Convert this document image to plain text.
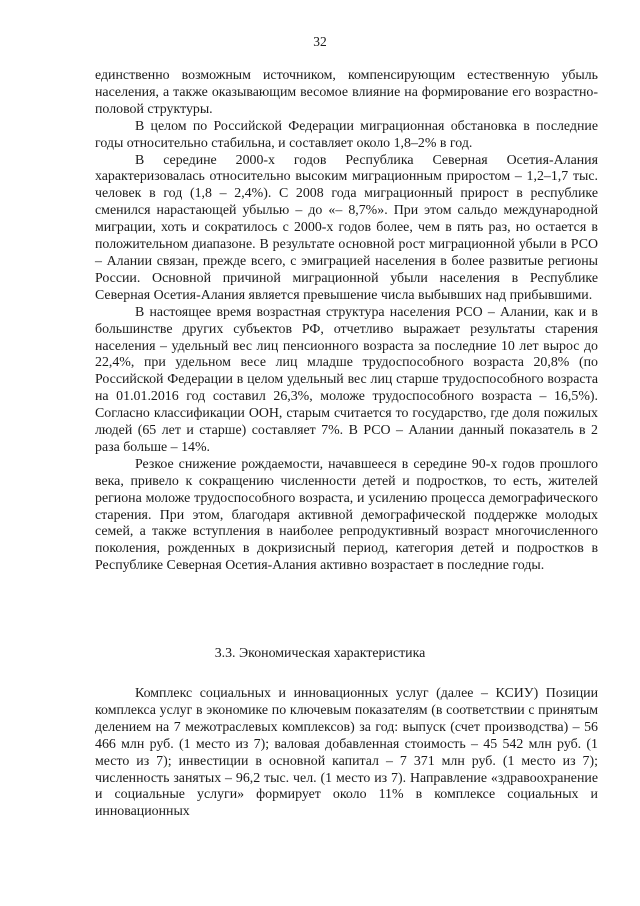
32

единственно возможным источником, компенсирующим естественную убыль населения, а также оказывающим весомое влияние на формирование его возрастно-половой структуры.

В целом по Российской Федерации миграционная обстановка в последние годы относительно стабильна, и составляет около 1,8–2% в год.

В середине 2000-х годов Республика Северная Осетия-Алания характеризовалась относительно высоким миграционным приростом – 1,2–1,7 тыс. человек в год (1,8 – 2,4%). С 2008 года миграционный прирост в республике сменился нарастающей убылью – до «– 8,7%». При этом сальдо международной миграции, хоть и сократилось с 2000-х годов более, чем в пять раз, но остается в положительном диапазоне. В результате основной рост миграционной убыли в РСО – Алании связан, прежде всего, с эмиграцией населения в более развитые регионы России. Основной причиной миграционной убыли населения в Республике Северная Осетия-Алания является превышение числа выбывших над прибывшими.

В настоящее время возрастная структура населения РСО – Алании, как и в большинстве других субъектов РФ, отчетливо выражает результаты старения населения – удельный вес лиц пенсионного возраста за последние 10 лет вырос до 22,4%, при удельном весе лиц младше трудоспособного возраста 20,8% (по Российской Федерации в целом удельный вес лиц старше трудоспособного возраста на 01.01.2016 год составил 26,3%, моложе трудоспособного возраста – 16,5%). Согласно классификации ООН, старым считается то государство, где доля пожилых людей (65 лет и старше) составляет 7%. В РСО – Алании данный показатель в 2 раза больше – 14%.

Резкое снижение рождаемости, начавшееся в середине 90-х годов прошлого века, привело к сокращению численности детей и подростков, то есть, жителей региона моложе трудоспособного возраста, и усилению процесса демографического старения. При этом, благодаря активной демографической поддержке молодых семей, а также вступления в наиболее репродуктивный возраст многочисленного поколения, рожденных в докризисный период, категория детей и подростков в Республике Северная Осетия-Алания активно возрастает в последние годы.

3.3. Экономическая характеристика

Комплекс социальных и инновационных услуг (далее – КСИУ) Позиции комплекса услуг в экономике по ключевым показателям (в соответствии с принятым делением на 7 межотраслевых комплексов) за год: выпуск (счет производства) – 56 466 млн руб. (1 место из 7); валовая добавленная стоимость – 45 542 млн руб. (1 место из 7); инвестиции в основной капитал – 7 371 млн руб. (1 место из 7); численность занятых – 96,2 тыс. чел. (1 место из 7). Направление «здравоохранение и социальные услуги» формирует около 11% в комплексе социальных и инновационных
